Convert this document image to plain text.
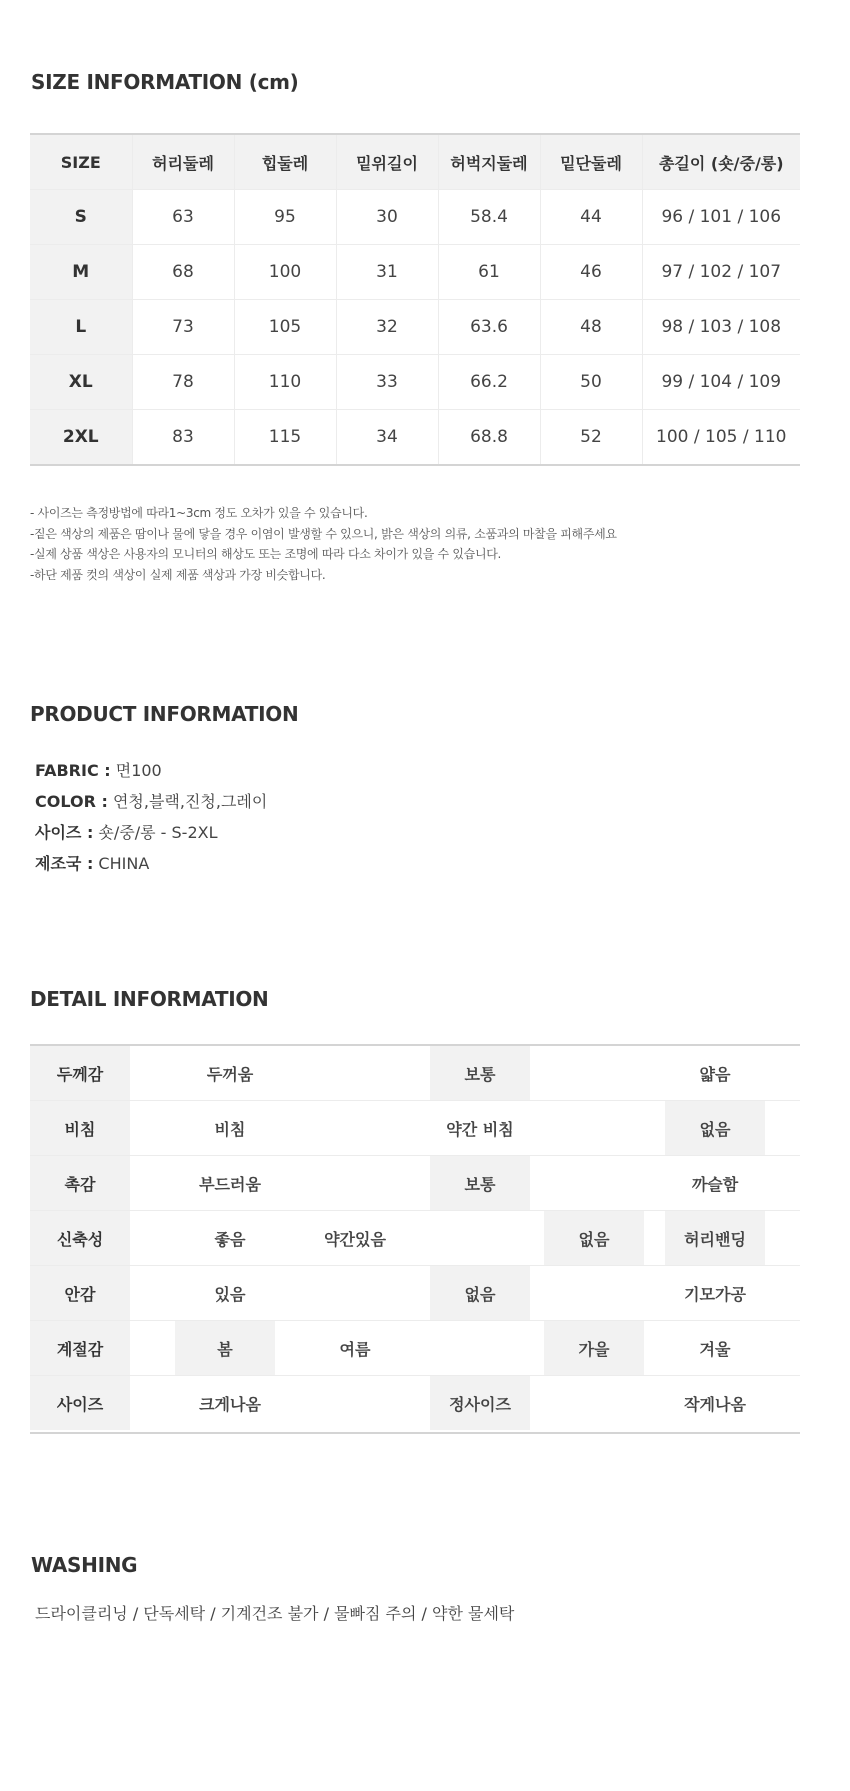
SIZE INFORMATION (cm)
SIZE	허리둘레	힙둘레	밑위길이	허벅지둘레	밑단둘레	총길이 (숏/중/롱)
S	63	95	30	58.4	44	96 / 101 / 106
M	68	100	31	61	46	97 / 102 / 107
L	73	105	32	63.6	48	98 / 103 / 108
XL	78	110	33	66.2	50	99 / 104 / 109
2XL	83	115	34	68.8	52	100 / 105 / 110
- 사이즈는 측정방법에 따라1~3cm 정도 오차가 있을 수 있습니다.
-짙은 색상의 제품은 땀이나 물에 닿을 경우 이염이 발생할 수 있으니, 밝은 색상의 의류, 소품과의 마찰을 피해주세요
-실제 상품 색상은 사용자의 모니터의 해상도 또는 조명에 따라 다소 차이가 있을 수 있습니다.
-하단 제품 컷의 색상이 실제 제품 색상과 가장 비슷합니다.
PRODUCT INFORMATION
FABRIC : 면100
COLOR : 연청,블랙,진청,그레이
사이즈 : 숏/중/롱 - S-2XL
제조국 : CHINA
DETAIL INFORMATION
두께감	두꺼움	보통	얇음
비침	비침	약간 비침	없음
촉감	부드러움	보통	까슬함
신축성	좋음	약간있음	없음	허리밴딩
안감	있음	없음	기모가공
계절감	봄	여름	가을	겨울
사이즈	크게나옴	정사이즈	작게나옴
WASHING
드라이클리닝 / 단독세탁 / 기계건조 불가 / 물빠짐 주의 / 약한 물세탁
